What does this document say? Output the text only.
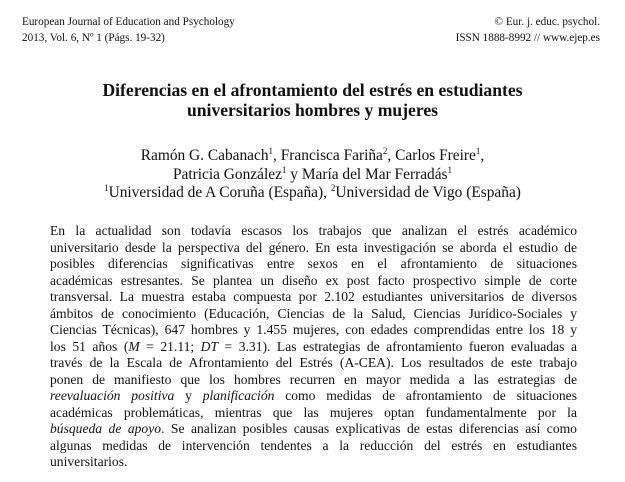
European Journal of Education and Psychology
2013, Vol. 6, Nº 1 (Págs. 19-32)
© Eur. j. educ. psychol.
ISSN 1888-8992 // www.ejep.es
Diferencias en el afrontamiento del estrés en estudiantes
universitarios hombres y mujeres
Ramón G. Cabanach$^1$, Francisca Fariña$^2$, Carlos Freire$^1$,
Patricia González$^1$ y María del Mar Ferradás$^1$
$^1$Universidad de A Coruña (España), $^2$Universidad de Vigo (España)
En la actualidad son todavía escasos los trabajos que analizan el estrés académico
universitario desde la perspectiva del género. En esta investigación se aborda el estudio de
posibles diferencias significativas entre sexos en el afrontamiento de situaciones
académicas estresantes. Se plantea un diseño ex post facto prospectivo simple de corte
transversal. La muestra estaba compuesta por 2.102 estudiantes universitarios de diversos
ámbitos de conocimiento (Educación, Ciencias de la Salud, Ciencias Jurídico-Sociales y
Ciencias Técnicas), 647 hombres y 1.455 mujeres, con edades comprendidas entre los 18 y
los 51 años (M = 21.11; DT = 3.31). Las estrategias de afrontamiento fueron evaluadas a
través de la Escala de Afrontamiento del Estrés (A-CEA). Los resultados de este trabajo
ponen de manifiesto que los hombres recurren en mayor medida a las estrategias de
reevaluación positiva y planificación como medidas de afrontamiento de situaciones
académicas problemáticas, mientras que las mujeres optan fundamentalmente por la
búsqueda de apoyo. Se analizan posibles causas explicativas de estas diferencias así como
algunas medidas de intervención tendentes a la reducción del estrés en estudiantes
universitarios.
